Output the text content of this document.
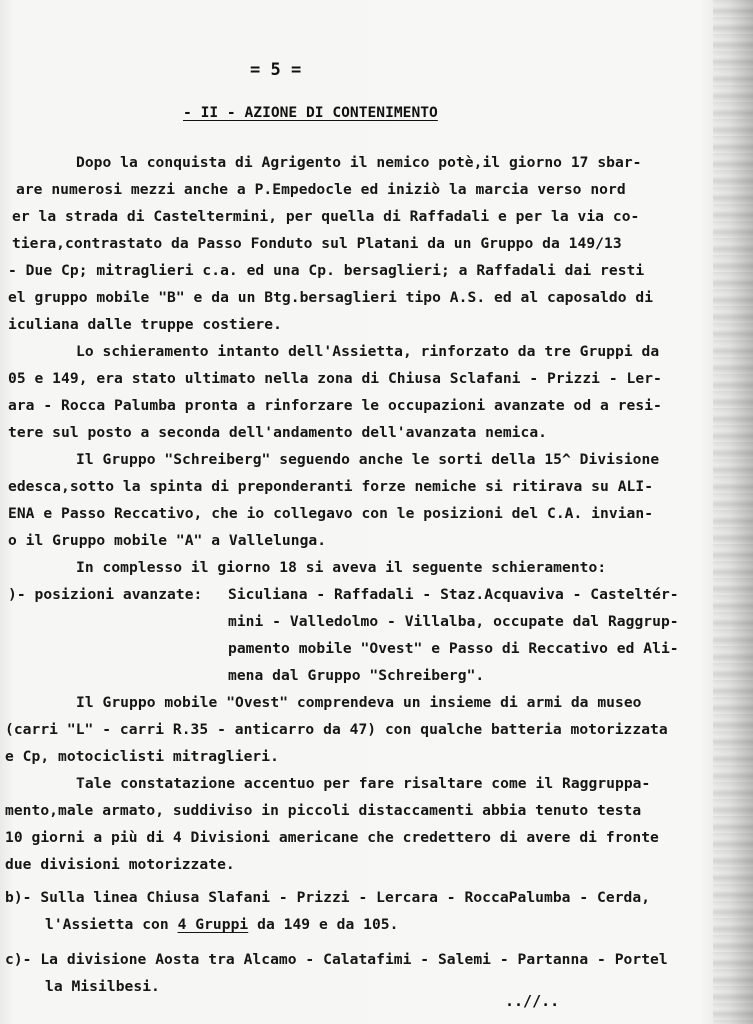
= 5 =
- II - AZIONE DI CONTENIMENTO
Dopo la conquista di Agrigento il nemico potè,il giorno 17 sbar-
are numerosi mezzi anche a P.Empedocle ed iniziò la marcia verso nord
er la strada di Casteltermini, per quella di Raffadali e per la via co-
tiera,contrastato da Passo Fonduto sul Platani da un Gruppo da 149/13
- Due Cp; mitraglieri c.a. ed una Cp. bersaglieri; a Raffadali dai resti
el gruppo mobile "B" e da un Btg.bersaglieri tipo A.S. ed al caposaldo di
iculiana dalle truppe costiere.
Lo schieramento intanto dell'Assietta, rinforzato da tre Gruppi da
05 e 149, era stato ultimato nella zona di Chiusa Sclafani - Prizzi - Ler-
ara - Rocca Palumba pronta a rinforzare le occupazioni avanzate od a resi-
tere sul posto a seconda dell'andamento dell'avanzata nemica.
Il Gruppo "Schreiberg" seguendo anche le sorti della 15^ Divisione
edesca,sotto la spinta di preponderanti forze nemiche si ritirava su ALI-
ENA e Passo Reccativo, che io collegavo con le posizioni del C.A. invian-
o il Gruppo mobile "A" a Vallelunga.
In complesso il giorno 18 si aveva il seguente schieramento:
)- posizioni avanzate: Siculiana - Raffadali - Staz.Acquaviva - Casteltér-
mini - Valledolmo - Villalba, occupate dal Raggrup-
pamento mobile "Ovest" e Passo di Reccativo ed Ali-
mena dal Gruppo "Schreiberg".
Il Gruppo mobile "Ovest" comprendeva un insieme di armi da museo
(carri "L" - carri R.35 - anticarro da 47) con qualche batteria motorizzata
e Cp, motociclisti mitraglieri.
Tale constatazione accentuo per fare risaltare come il Raggruppa-
mento,male armato, suddiviso in piccoli distaccamenti abbia tenuto testa
10 giorni a più di 4 Divisioni americane che credettero di avere di fronte
due divisioni motorizzate.
b)- Sulla linea Chiusa Slafani - Prizzi - Lercara - RoccaPalumba - Cerda,
l'Assietta con 4 Gruppi da 149 e da 105.
c)- La divisione Aosta tra Alcamo - Calatafimi - Salemi - Partanna - Portel
la Misilbesi.
..//..
